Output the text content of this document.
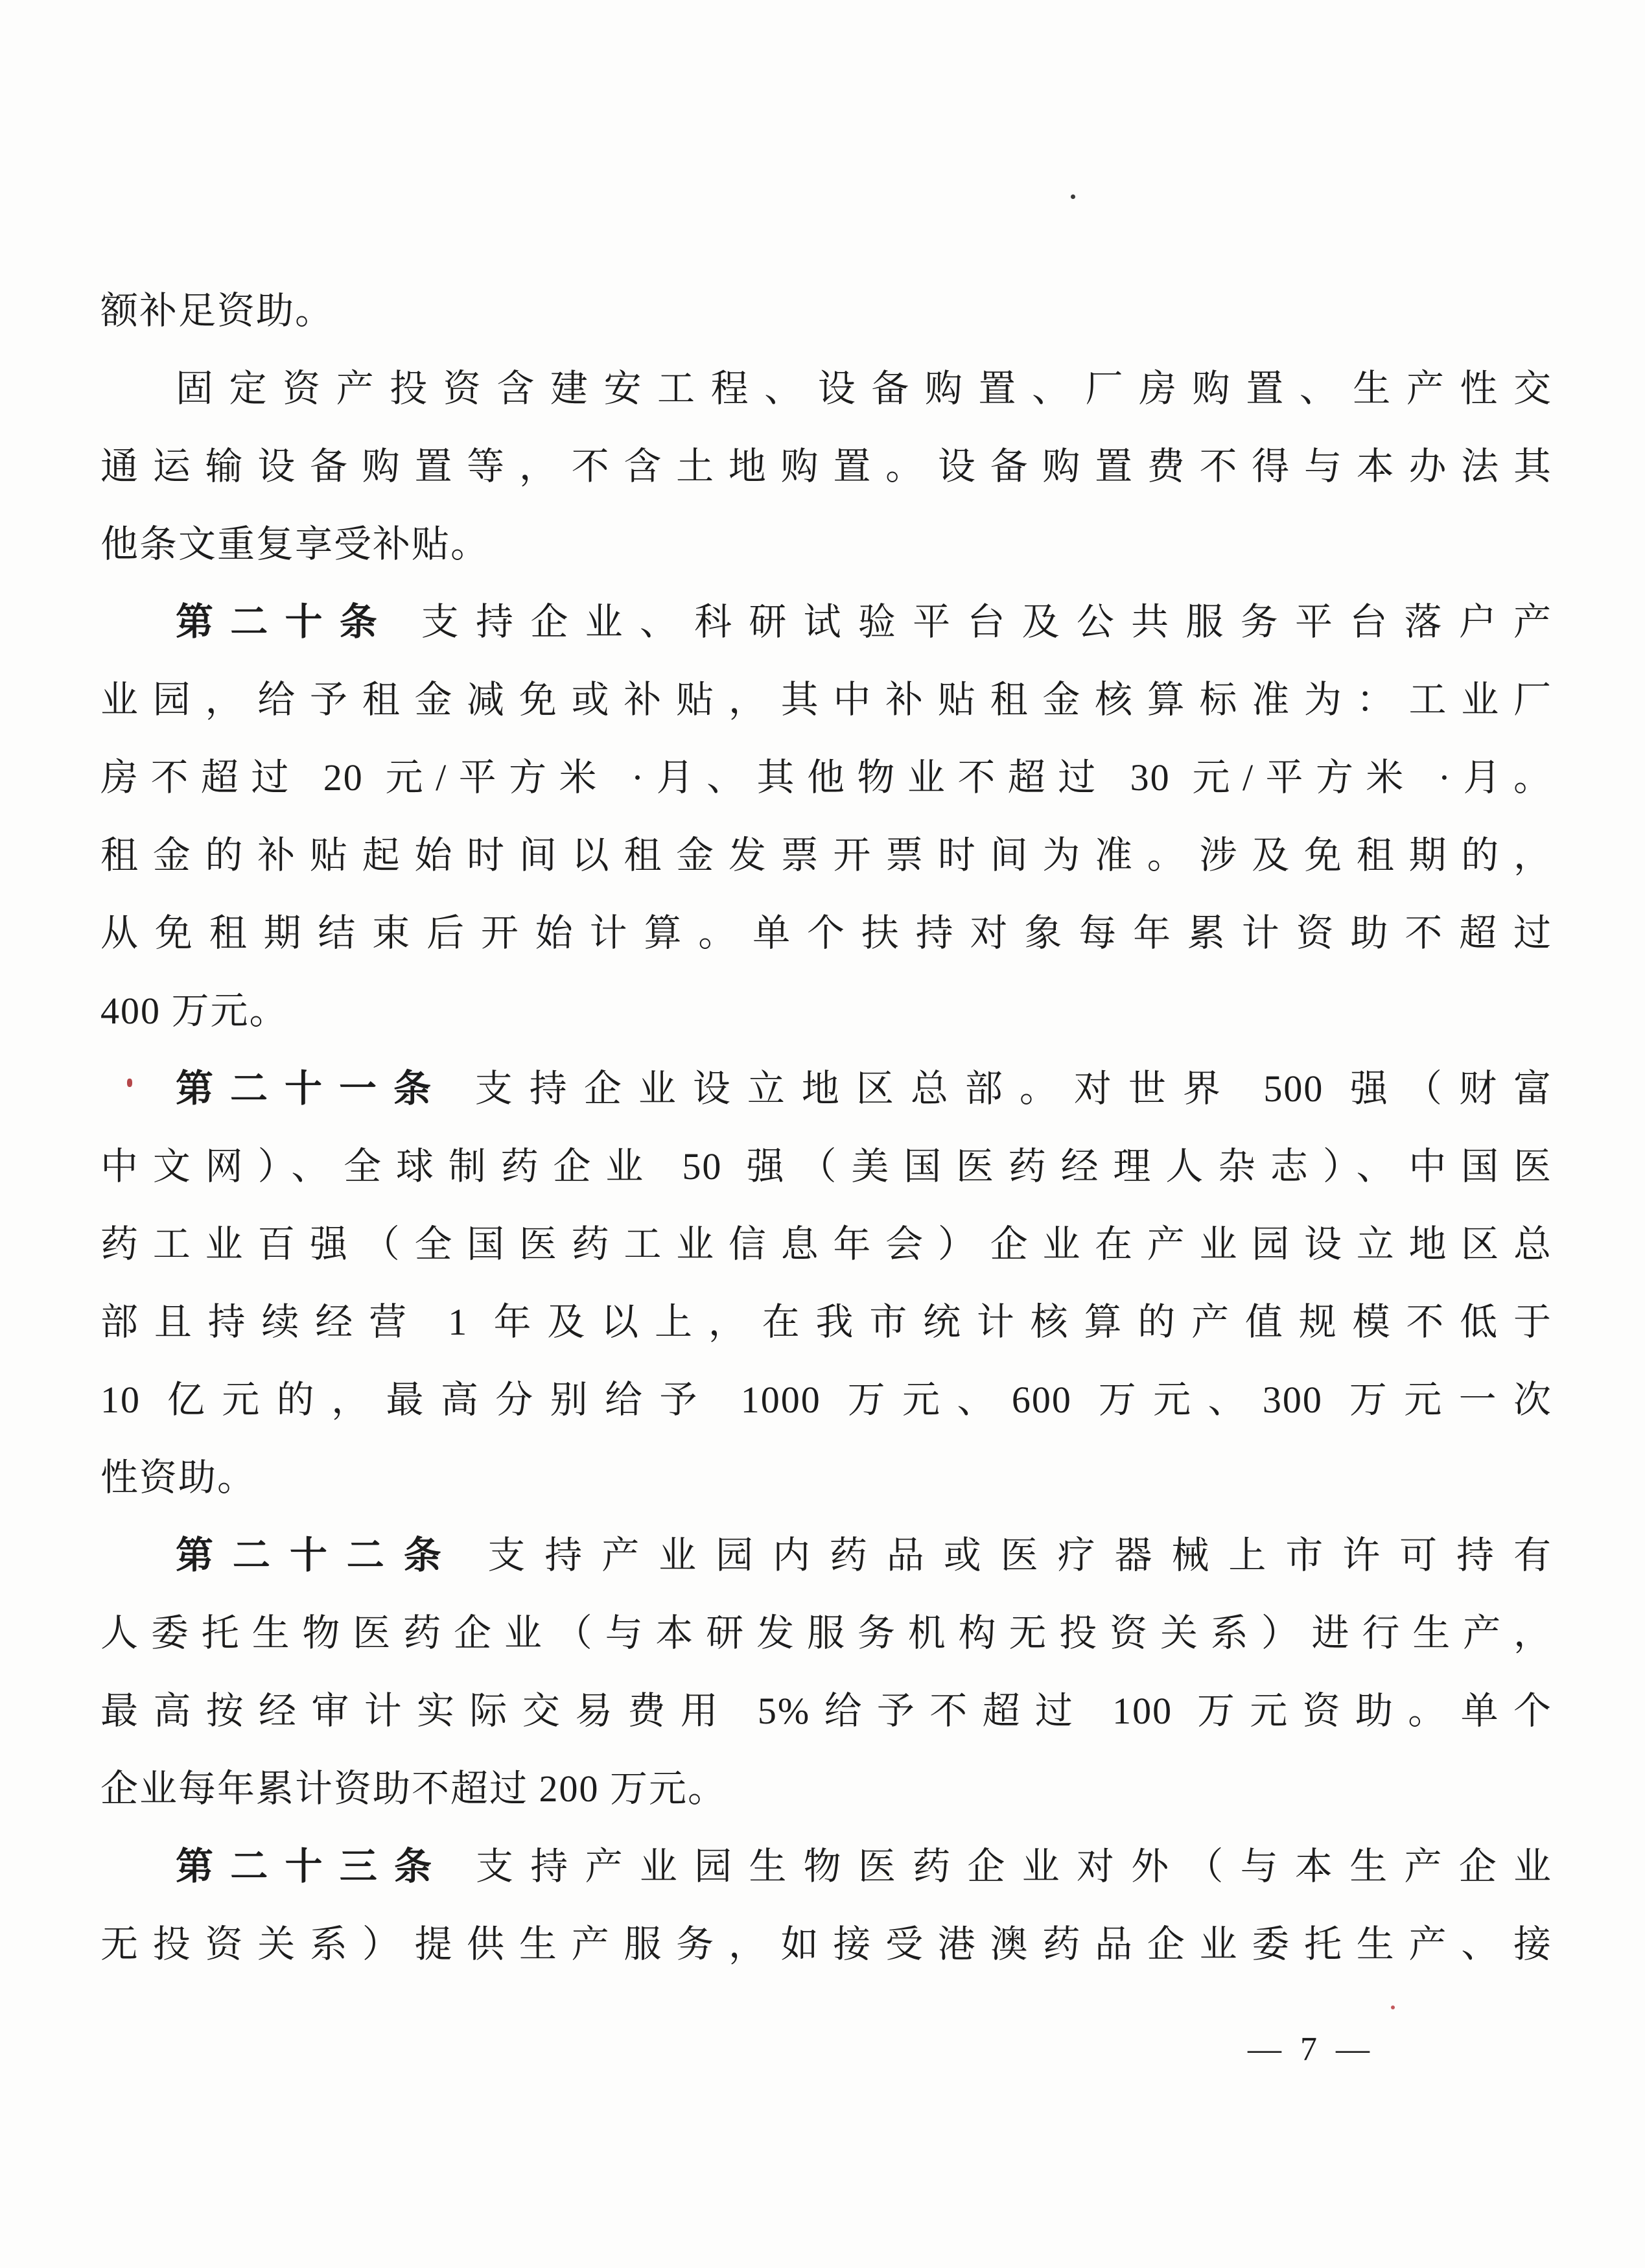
额补足资助。

固定资产投资含建安工程、设备购置、厂房购置、生产性交

通运输设备购置等，不含土地购置。设备购置费不得与本办法其

他条文重复享受补贴。

第二十条 支持企业、科研试验平台及公共服务平台落户产

业园，给予租金减免或补贴，其中补贴租金核算标准为：工业厂

房不超过 20 元/平方米 ·月、其他物业不超过 30 元/平方米 ·月。

租金的补贴起始时间以租金发票开票时间为准。涉及免租期的，

从免租期结束后开始计算。单个扶持对象每年累计资助不超过

400 万元。

第二十一条 支持企业设立地区总部。对世界 500 强（财富

中文网）、全球制药企业 50 强（美国医药经理人杂志）、中国医

药工业百强（全国医药工业信息年会）企业在产业园设立地区总

部且持续经营 1 年及以上，在我市统计核算的产值规模不低于

10 亿元的，最高分别给予 1000 万元、600 万元、300 万元一次

性资助。

第二十二条 支持产业园内药品或医疗器械上市许可持有

人委托生物医药企业（与本研发服务机构无投资关系）进行生产，

最高按经审计实际交易费用 5%给予不超过 100 万元资助。单个

企业每年累计资助不超过 200 万元。

第二十三条 支持产业园生物医药企业对外（与本生产企业

无投资关系）提供生产服务，如接受港澳药品企业委托生产、接

— 7 —
